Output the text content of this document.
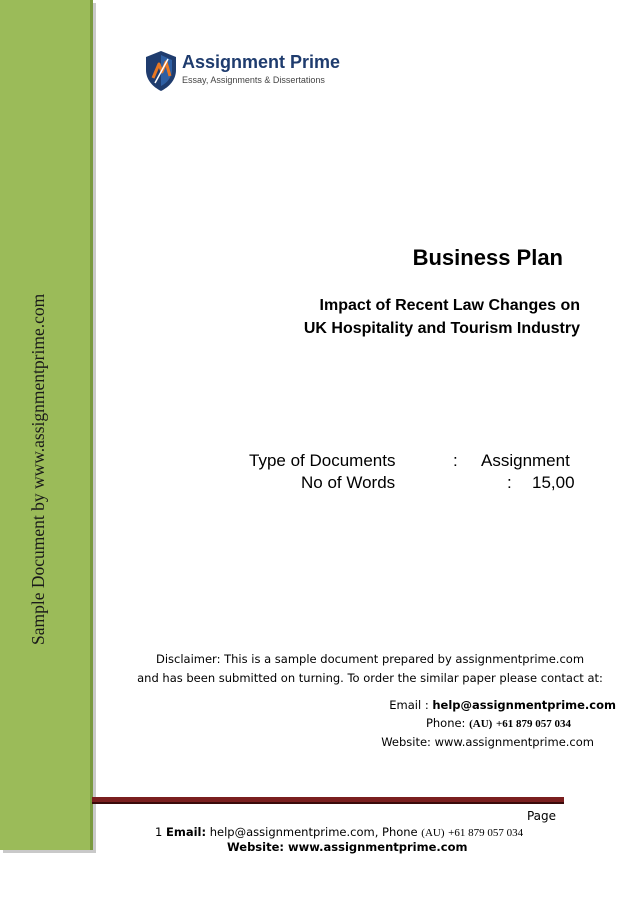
Sample Document by www.assignmentprime.com
Assignment Prime
Essay, Assignments & Dissertations
Business Plan
Impact of Recent Law Changes on
UK Hospitality and Tourism Industry
Type of Documents	: Assignment
No of Words	: 15,00
Disclaimer: This is a sample document prepared by assignmentprime.com
and has been submitted on turning. To order the similar paper please contact at:
Email : help@assignmentprime.com
Phone: (AU) +61 879 057 034
Website: www.assignmentprime.com
Page
1 Email: help@assignmentprime.com, Phone (AU) +61 879 057 034
Website: www.assignmentprime.com
